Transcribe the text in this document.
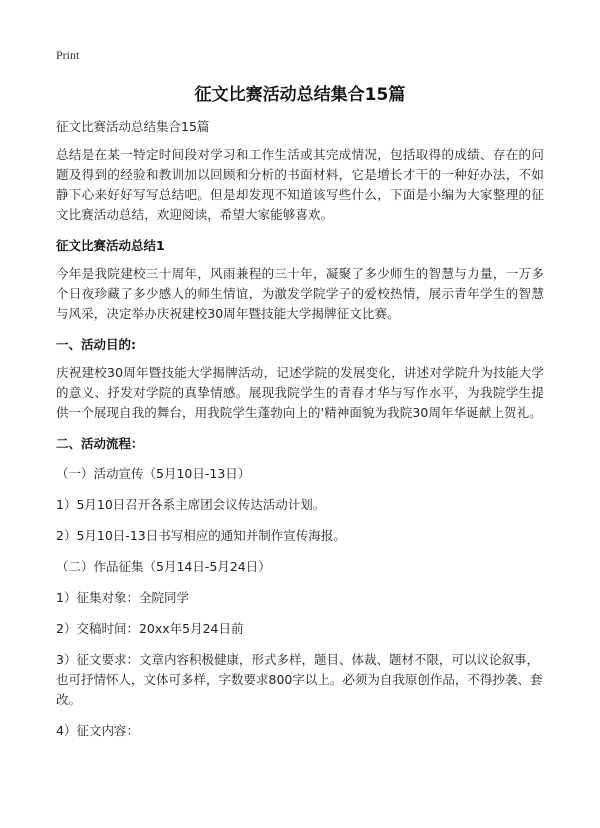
Print
征文比赛活动总结集合15篇
征文比赛活动总结集合15篇

总结是在某一特定时间段对学习和工作生活或其完成情况，包括取得的成绩、存在的问题及得到的经验和教训加以回顾和分析的书面材料，它是增长才干的一种好办法，不如静下心来好好写写总结吧。但是却发现不知道该写些什么，下面是小编为大家整理的征文比赛活动总结，欢迎阅读，希望大家能够喜欢。

征文比赛活动总结1

今年是我院建校三十周年，风雨兼程的三十年，凝聚了多少师生的智慧与力量，一万多个日夜珍藏了多少感人的师生情谊，为激发学院学子的爱校热情，展示青年学生的智慧与风采，决定举办庆祝建校30周年暨技能大学揭牌征文比赛。

一、活动目的:

庆祝建校30周年暨技能大学揭牌活动，记述学院的发展变化，讲述对学院升为技能大学的意义、抒发对学院的真挚情感。展现我院学生的青春才华与写作水平，为我院学生提供一个展现自我的舞台，用我院学生蓬勃向上的'精神面貌为我院30周年华诞献上贺礼。

二、活动流程：
（一）活动宣传（5月10日-13日）
1）5月10日召开各系主席团会议传达活动计划。
2）5月10日-13日书写相应的通知并制作宣传海报。
（二）作品征集（5月14日-5月24日）
1）征集对象：全院同学
2）交稿时间：20xx年5月24日前
3）征文要求：文章内容积极健康，形式多样，题目、体裁、题材不限，可以议论叙事，也可抒情怀人，文体可多样，字数要求800字以上。必须为自我原创作品，不得抄袭、套改。
4）征文内容：
